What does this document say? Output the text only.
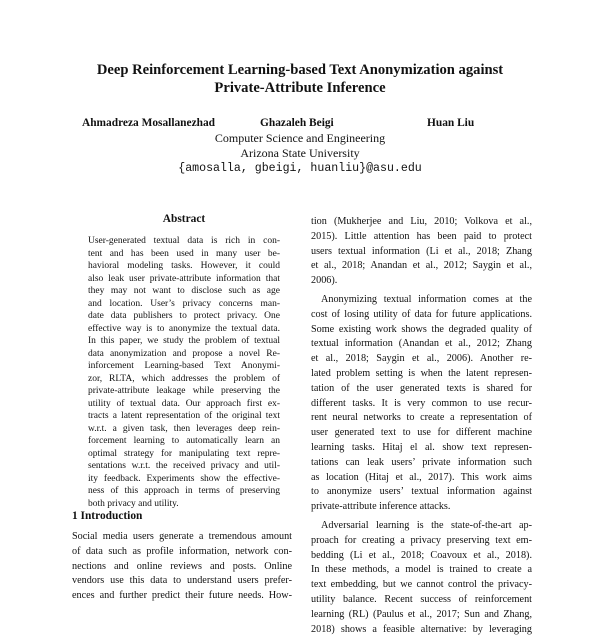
Deep Reinforcement Learning-based Text Anonymization against
Private-Attribute Inference
Ahmadreza Mosallanezhad	Ghazaleh Beigi	Huan Liu
Computer Science and Engineering
Arizona State University
{amosalla, gbeigi, huanliu}@asu.edu
Abstract
User-generated textual data is rich in con-
tent and has been used in many user be-
havioral modeling tasks. However, it could
also leak user private-attribute information that
they may not want to disclose such as age
and location. User’s privacy concerns man-
date data publishers to protect privacy. One
effective way is to anonymize the textual data.
In this paper, we study the problem of textual
data anonymization and propose a novel Re-
inforcement Learning-based Text Anonymi-
zor, RLTA, which addresses the problem of
private-attribute leakage while preserving the
utility of textual data. Our approach first ex-
tracts a latent representation of the original text
w.r.t. a given task, then leverages deep rein-
forcement learning to automatically learn an
optimal strategy for manipulating text repre-
sentations w.r.t. the received privacy and util-
ity feedback. Experiments show the effective-
ness of this approach in terms of preserving
both privacy and utility.
1 Introduction
Social media users generate a tremendous amount
of data such as profile information, network con-
nections and online reviews and posts. Online
vendors use this data to understand users prefer-
ences and further predict their future needs. How-
tion (Mukherjee and Liu, 2010; Volkova et al.,
2015). Little attention has been paid to protect
users textual information (Li et al., 2018; Zhang
et al., 2018; Anandan et al., 2012; Saygin et al.,
2006).
Anonymizing textual information comes at the
cost of losing utility of data for future applications.
Some existing work shows the degraded quality of
textual information (Anandan et al., 2012; Zhang
et al., 2018; Saygin et al., 2006). Another re-
lated problem setting is when the latent represen-
tation of the user generated texts is shared for
different tasks. It is very common to use recur-
rent neural networks to create a representation of
user generated text to use for different machine
learning tasks. Hitaj el al. show text represen-
tations can leak users’ private information such
as location (Hitaj et al., 2017). This work aims
to anonymize users’ textual information against
private-attribute inference attacks.
Adversarial learning is the state-of-the-art ap-
proach for creating a privacy preserving text em-
bedding (Li et al., 2018; Coavoux et al., 2018).
In these methods, a model is trained to create a
text embedding, but we cannot control the privacy-
utility balance. Recent success of reinforcement
learning (RL) (Paulus et al., 2017; Sun and Zhang,
2018) shows a feasible alternative: by leveraging
